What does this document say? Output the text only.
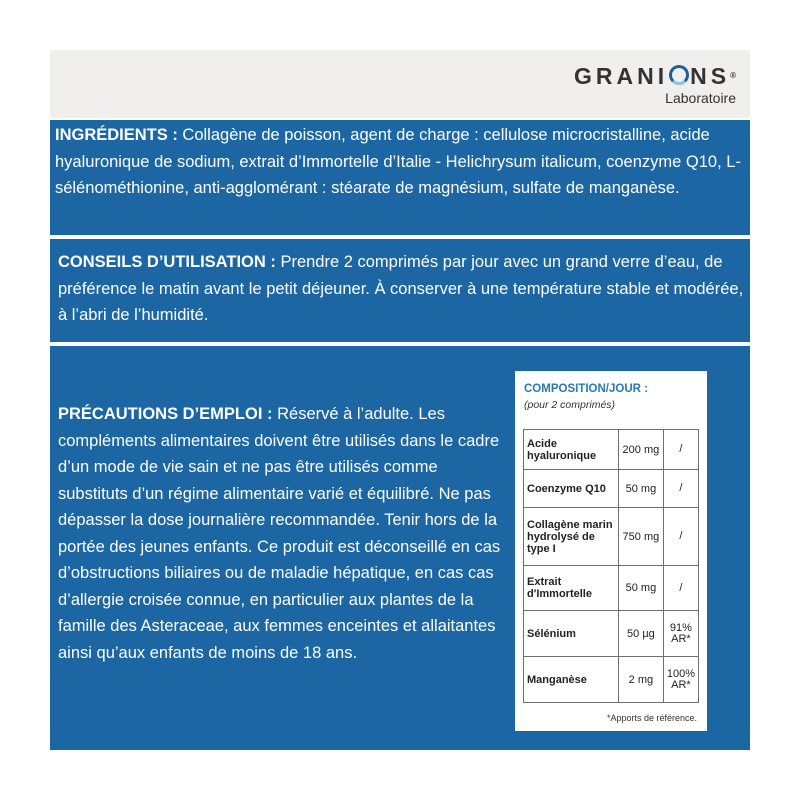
GRANI NS®
Laboratoire
INGRÉDIENTS : Collagène de poisson, agent de charge : cellulose microcristalline, acide hyaluronique de sodium, extrait d’Immortelle d’Italie - Helichrysum italicum, coenzyme Q10, L-sélénométhionine, anti-agglomérant : stéarate de magnésium, sulfate de manganèse.
CONSEILS D’UTILISATION : Prendre 2 comprimés par jour avec un grand verre d’eau, de préférence le matin avant le petit déjeuner. À conserver à une température stable et modérée, à l’abri de l’humidité.
PRÉCAUTIONS D’EMPLOI : Réservé à l’adulte. Les compléments alimentaires doivent être utilisés dans le cadre d’un mode de vie sain et ne pas être utilisés comme substituts d’un régime alimentaire varié et équilibré. Ne pas dépasser la dose journalière recommandée. Tenir hors de la portée des jeunes enfants. Ce produit est déconseillé en cas d’obstructions biliaires ou de maladie hépatique, en cas cas d’allergie croisée connue, en particulier aux plantes de la famille des Asteraceae, aux femmes enceintes et allaitantes ainsi qu’aux enfants de moins de 18 ans.
COMPOSITION/JOUR :
(pour 2 comprimés)
Acide hyaluronique	200 mg	/
Coenzyme Q10	50 mg	/
Collagène marin hydrolysé de type I	750 mg	/
Extrait d'Immortelle	50 mg	/
Sélénium	50 µg	91% AR*
Manganèse	2 mg	100% AR*
*Apports de référence.
